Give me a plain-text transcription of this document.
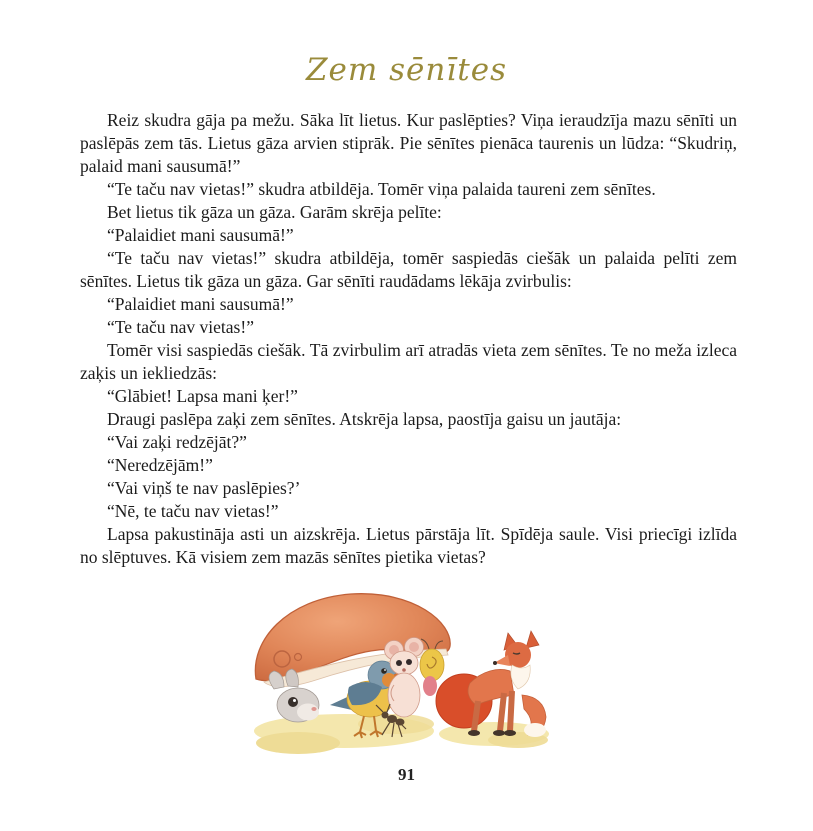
Zem sēnītes

Reiz skudra gāja pa mežu. Sāka līt lietus. Kur paslēpties? Viņa ieraudzīja mazu sēnīti un paslēpās zem tās. Lietus gāza arvien stiprāk. Pie sēnītes pienāca taurenis un lūdza: “Skudriņ, palaid mani sausumā!”

“Te taču nav vietas!” skudra atbildēja. Tomēr viņa palaida taureni zem sēnītes.

Bet lietus tik gāza un gāza. Garām skrēja pelīte:

“Palaidiet mani sausumā!”

“Te taču nav vietas!” skudra atbildēja, tomēr saspiedās ciešāk un palaida pelīti zem sēnītes. Lietus tik gāza un gāza. Gar sēnīti raudādams lēkāja zvirbulis:

“Palaidiet mani sausumā!”

“Te taču nav vietas!”

Tomēr visi saspiedās ciešāk. Tā zvirbulim arī atradās vieta zem sēnītes. Te no meža izleca zaķis un iekliedzās:

“Glābiet! Lapsa mani ķer!”

Draugi paslēpa zaķi zem sēnītes. Atskrēja lapsa, paostīja gaisu un jautāja:

“Vai zaķi redzējāt?”

“Neredzējām!”

“Vai viņš te nav paslēpies?’

“Nē, te taču nav vietas!”

Lapsa pakustināja asti un aizskrēja. Lietus pārstāja līt. Spīdēja saule. Visi priecīgi izlīda no slēptuves. Kā visiem zem mazās sēnītes pietika vietas?

91
